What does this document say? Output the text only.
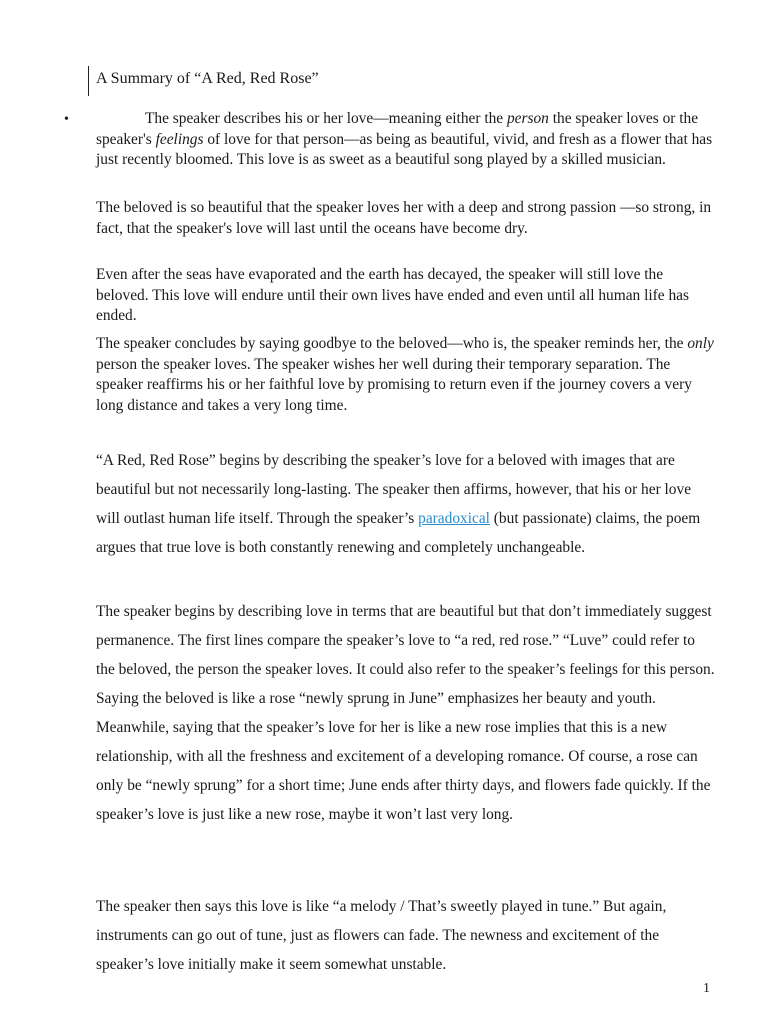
A Summary of “A Red, Red Rose”
•	The speaker describes his or her love—meaning either the person the speaker loves or the speaker's feelings of love for that person—as being as beautiful, vivid, and fresh as a flower that has just recently bloomed. This love is as sweet as a beautiful song played by a skilled musician.

The beloved is so beautiful that the speaker loves her with a deep and strong passion —so strong, in fact, that the speaker's love will last until the oceans have become dry.

Even after the seas have evaporated and the earth has decayed, the speaker will still love the beloved. This love will endure until their own lives have ended and even until all human life has ended.

The speaker concludes by saying goodbye to the beloved—who is, the speaker reminds her, the only person the speaker loves. The speaker wishes her well during their temporary separation. The speaker reaffirms his or her faithful love by promising to return even if the journey covers a very long distance and takes a very long time.

“A Red, Red Rose” begins by describing the speaker’s love for a beloved with images that are beautiful but not necessarily long-lasting. The speaker then affirms, however, that his or her love will outlast human life itself. Through the speaker’s paradoxical (but passionate) claims, the poem argues that true love is both constantly renewing and completely unchangeable.

The speaker begins by describing love in terms that are beautiful but that don’t immediately suggest permanence. The first lines compare the speaker’s love to “a red, red rose.” “Luve” could refer to the beloved, the person the speaker loves. It could also refer to the speaker’s feelings for this person. Saying the beloved is like a rose “newly sprung in June” emphasizes her beauty and youth. Meanwhile, saying that the speaker’s love for her is like a new rose implies that this is a new relationship, with all the freshness and excitement of a developing romance. Of course, a rose can only be “newly sprung” for a short time; June ends after thirty days, and flowers fade quickly. If the speaker’s love is just like a new rose, maybe it won’t last very long.

The speaker then says this love is like “a melody / That’s sweetly played in tune.” But again, instruments can go out of tune, just as flowers can fade. The newness and excitement of the speaker’s love initially make it seem somewhat unstable.

1
